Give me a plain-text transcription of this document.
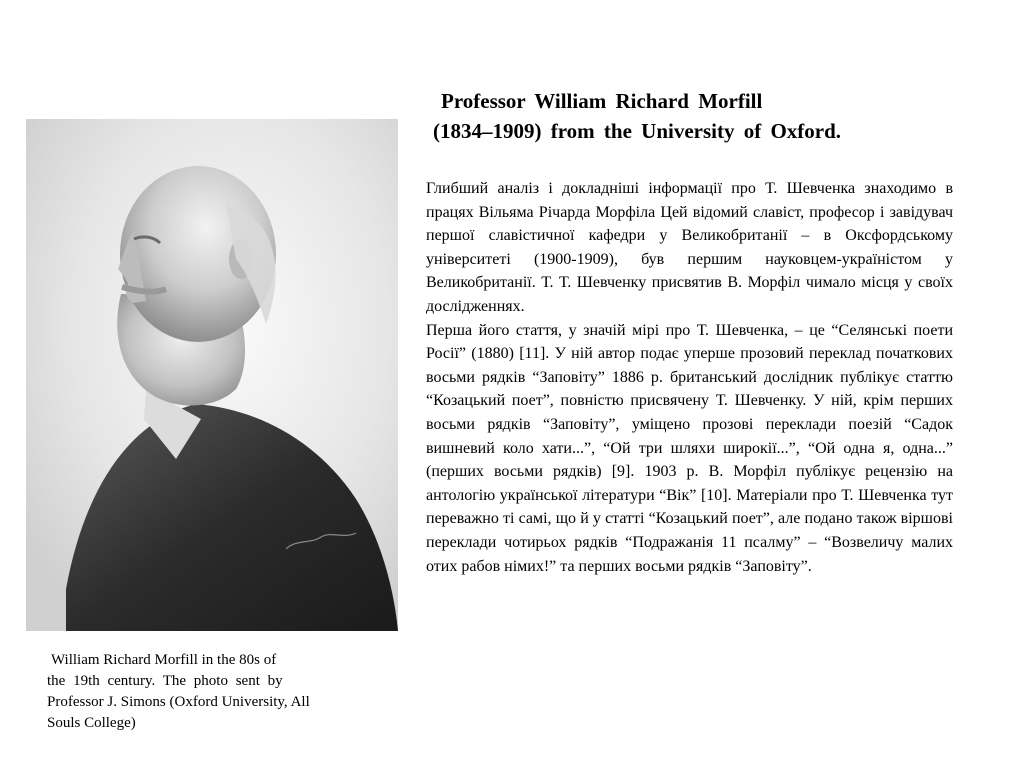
Professor William Richard Morfill
(1834–1909) from the University of Oxford.
William Richard Morfill in the 80s of
the 19th century. The photo sent by
Professor J. Simons (Oxford University, All
Souls College)

Глибший аналіз і докладніші інформації про Т. Шевченка знаходимо в працях Вільяма Річарда Морфіла Цей відомий славіст, професор і завідувач першої славістичної кафедри у Великобританії – в Оксфордському університеті (1900-1909), був першим науковцем-україністом у Великобританії. Т. Т. Шевченку присвятив В. Морфіл чимало місця у своїх дослідженнях.

Перша його стаття, у значій мірі про Т. Шевченка, – це “Селянські поети Росії” (1880) [11]. У ній автор подає уперше прозовий переклад початкових восьми рядків “Заповіту” 1886 р. британський дослідник публікує статтю “Козацький поет”, повністю присвячену Т. Шевченку. У ній, крім перших восьми рядків “Заповіту”, уміщено прозові переклади поезій “Садок вишневий коло хати...”, “Ой три шляхи широкії...”, “Ой одна я, одна...” (перших восьми рядків) [9]. 1903 р. В. Морфіл публікує рецензію на антологію української літератури “Вік” [10]. Матеріали про Т. Шевченка тут переважно ті самі, що й у статті “Козацький поет”, але подано також віршові переклади чотирьох рядків “Подражанія 11 псалму” – “Возвеличу малих отих рабов німих!” та перших восьми рядків “Заповіту”.
